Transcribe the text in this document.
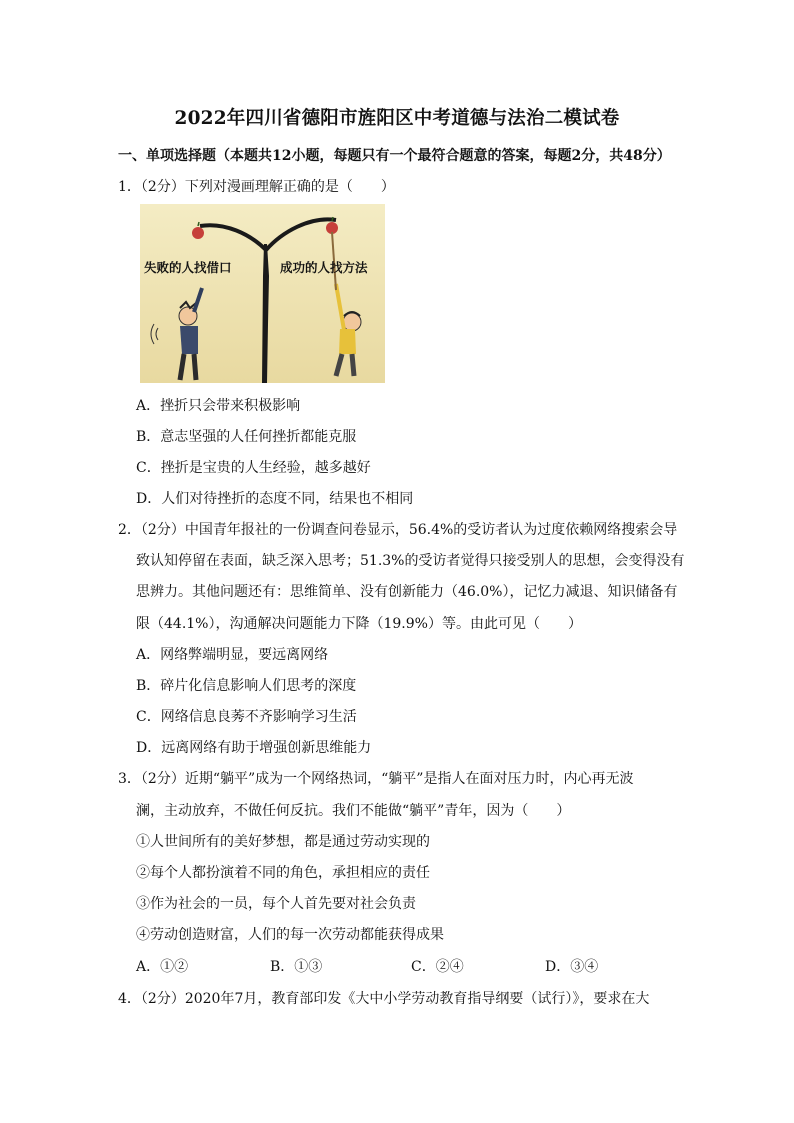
2022年四川省德阳市旌阳区中考道德与法治二模试卷
一、单项选择题（本题共12小题，每题只有一个最符合题意的答案，每题2分，共48分）
1．（2分）下列对漫画理解正确的是（　　）
失败的人找借口	成功的人找方法
A．挫折只会带来积极影响
B．意志坚强的人任何挫折都能克服
C．挫折是宝贵的人生经验，越多越好
D．人们对待挫折的态度不同，结果也不相同
2．（2分）中国青年报社的一份调查问卷显示，56.4%的受访者认为过度依赖网络搜索会导
致认知停留在表面，缺乏深入思考；51.3%的受访者觉得只接受别人的思想，会变得没有
思辨力。其他问题还有：思维简单、没有创新能力（46.0%），记忆力减退、知识储备有
限（44.1%），沟通解决问题能力下降（19.9%）等。由此可见（　　）
A．网络弊端明显，要远离网络
B．碎片化信息影响人们思考的深度
C．网络信息良莠不齐影响学习生活
D．远离网络有助于增强创新思维能力
3．（2分）近期“躺平”成为一个网络热词，“躺平”是指人在面对压力时，内心再无波
澜，主动放弃，不做任何反抗。我们不能做“躺平”青年，因为（　　）
①人世间所有的美好梦想，都是通过劳动实现的
②每个人都扮演着不同的角色，承担相应的责任
③作为社会的一员，每个人首先要对社会负责
④劳动创造财富，人们的每一次劳动都能获得成果
A．①②	B．①③	C．②④	D．③④
4．（2分）2020年7月，教育部印发《大中小学劳动教育指导纲要（试行）》，要求在大
